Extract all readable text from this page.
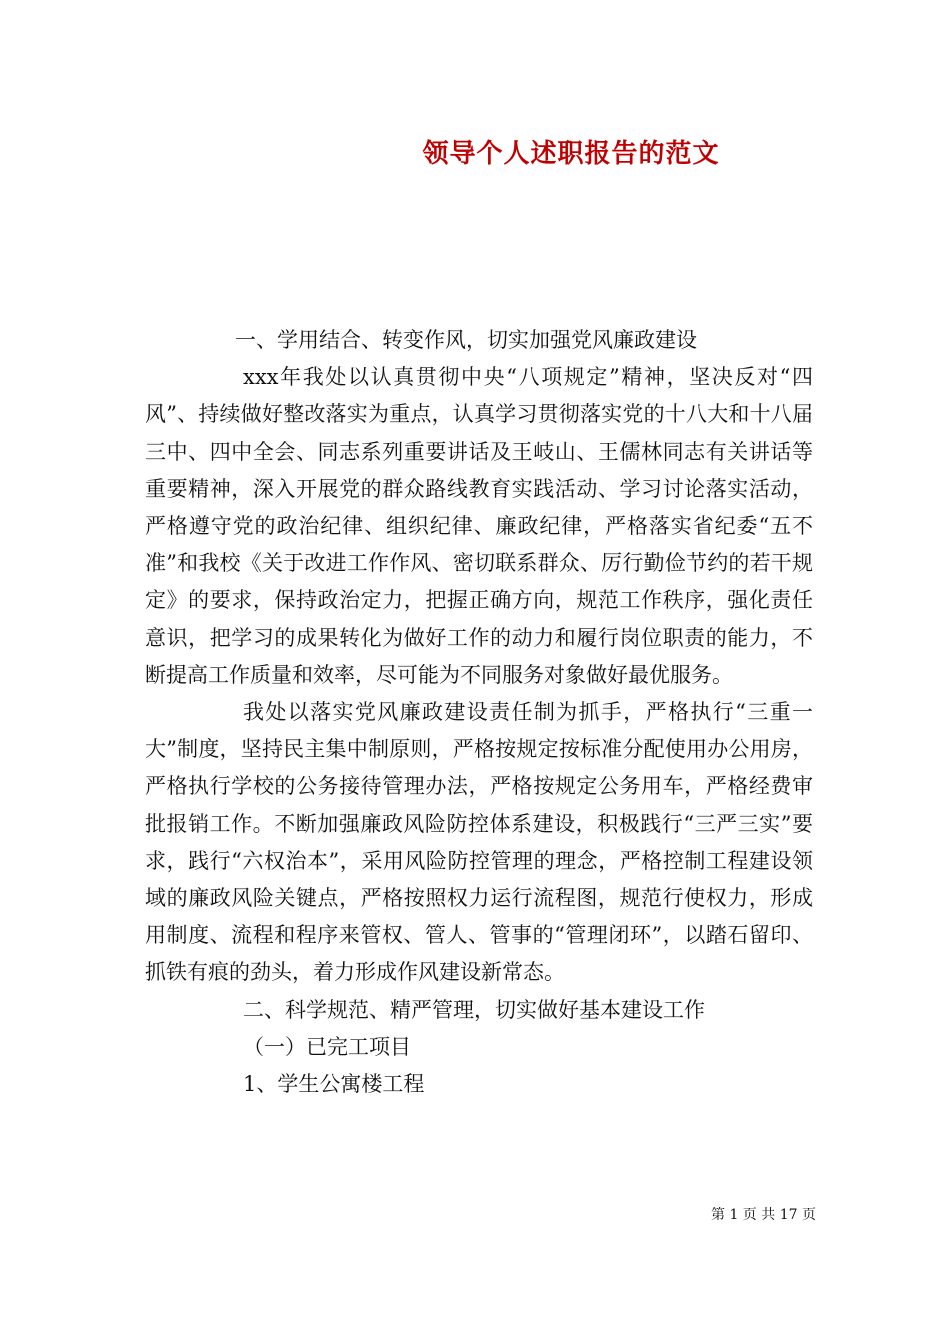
领导个人述职报告的范文

一、学用结合、转变作风，切实加强党风廉政建设

xxx年我处以认真贯彻中央“八项规定”精神，坚决反对“四风”、持续做好整改落实为重点，认真学习贯彻落实党的十八大和十八届三中、四中全会、同志系列重要讲话及王岐山、王儒林同志有关讲话等重要精神，深入开展党的群众路线教育实践活动、学习讨论落实活动，严格遵守党的政治纪律、组织纪律、廉政纪律，严格落实省纪委“五不准”和我校《关于改进工作作风、密切联系群众、厉行勤俭节约的若干规定》的要求，保持政治定力，把握正确方向，规范工作秩序，强化责任意识，把学习的成果转化为做好工作的动力和履行岗位职责的能力，不断提高工作质量和效率，尽可能为不同服务对象做好最优服务。

我处以落实党风廉政建设责任制为抓手，严格执行“三重一大”制度，坚持民主集中制原则，严格按规定按标准分配使用办公用房，严格执行学校的公务接待管理办法，严格按规定公务用车，严格经费审批报销工作。不断加强廉政风险防控体系建设，积极践行“三严三实”要求，践行“六权治本”，采用风险防控管理的理念，严格控制工程建设领域的廉政风险关键点，严格按照权力运行流程图，规范行使权力，形成用制度、流程和程序来管权、管人、管事的“管理闭环”，以踏石留印、抓铁有痕的劲头，着力形成作风建设新常态。

二、科学规范、精严管理，切实做好基本建设工作

（一）已完工项目

1、学生公寓楼工程

第 1 页 共 17 页
